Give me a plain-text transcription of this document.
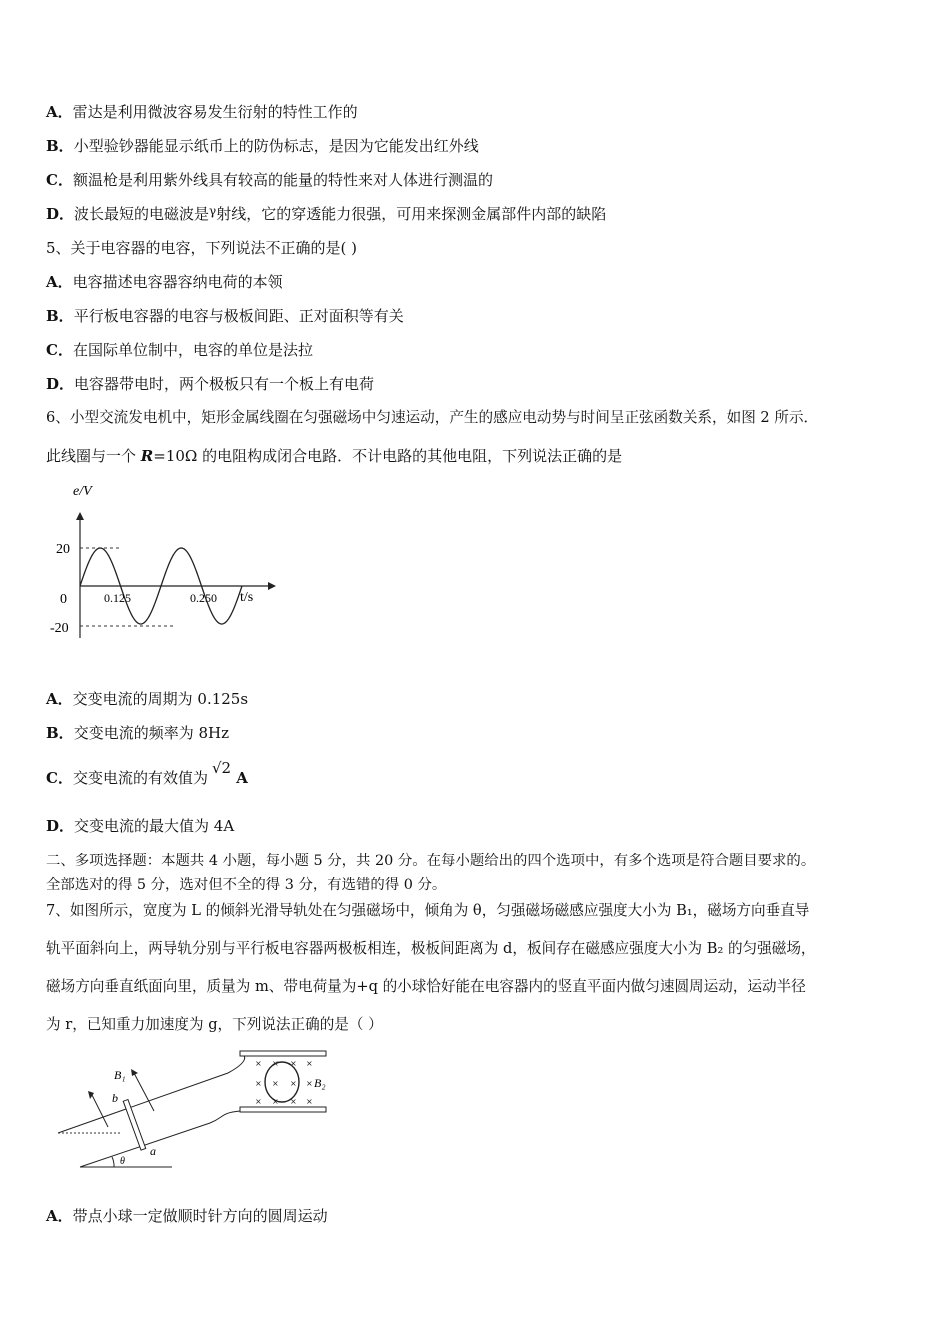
A．雷达是利用微波容易发生衍射的特性工作的
B．小型验钞器能显示纸币上的防伪标志，是因为它能发出红外线
C．额温枪是利用紫外线具有较高的能量的特性来对人体进行测温的
D．波长最短的电磁波是$^\gamma$射线，它的穿透能力很强，可用来探测金属部件内部的缺陷
5、关于电容器的电容，下列说法不正确的是( )
A．电容描述电容器容纳电荷的本领
B．平行板电容器的电容与极板间距、正对面积等有关
C．在国际单位制中，电容的单位是法拉
D．电容器带电时，两个极板只有一个板上有电荷
6、小型交流发电机中，矩形金属线圈在匀强磁场中匀速运动，产生的感应电动势与时间呈正弦函数关系，如图 2 所示．
此线圈与一个 R=10Ω 的电阻构成闭合电路．不计电路的其他电阻，下列说法正确的是
e/V
20
0
-20
0.125	0.250 t/s
A．交变电流的周期为 0.125s
B．交变电流的频率为 8Hz
C．交变电流的有效值为√2 A
D．交变电流的最大值为 4A
二、多项选择题：本题共 4 小题，每小题 5 分，共 20 分。在每小题给出的四个选项中，有多个选项是符合题目要求的。
全部选对的得 5 分，选对但不全的得 3 分，有选错的得 0 分。
7、如图所示，宽度为 L 的倾斜光滑导轨处在匀强磁场中，倾角为 θ，匀强磁场磁感应强度大小为 B₁，磁场方向垂直导
轨平面斜向上，两导轨分别与平行板电容器两极板相连，极板间距离为 d，板间存在磁感应强度大小为 B₂ 的匀强磁场，
磁场方向垂直纸面向里，质量为 m、带电荷量为+q 的小球恰好能在电容器内的竖直平面内做匀速圆周运动，运动半径
为 r，已知重力加速度为 g，下列说法正确的是（ ）
× × × ×
× × × ×
× × × ×
B₁
B₂
b
a
θ
A．带点小球一定做顺时针方向的圆周运动
